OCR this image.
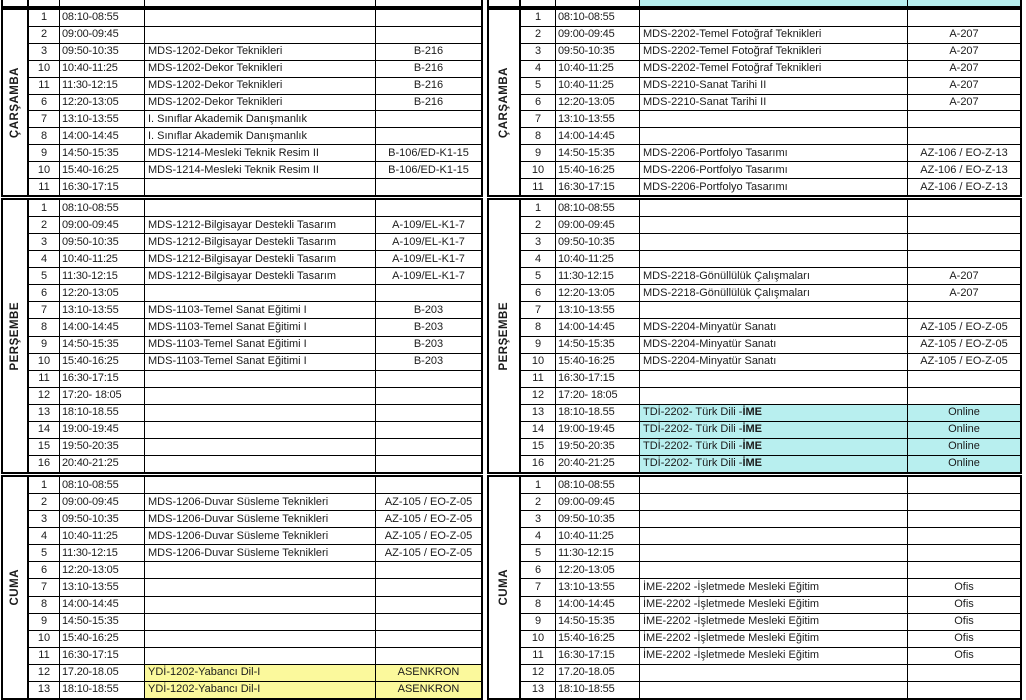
ÇARŞAMBA
1	08:10-08:55
2	09:00-09:45
3	09:50-10:35	MDS-1202-Dekor Teknikleri	B-216
10	10:40-11:25	MDS-1202-Dekor Teknikleri	B-216
11	11:30-12:15	MDS-1202-Dekor Teknikleri	B-216
6	12:20-13:05	MDS-1202-Dekor Teknikleri	B-216
7	13:10-13:55	I. Sınıflar Akademik Danışmanlık
8	14:00-14:45	I. Sınıflar Akademik Danışmanlık
9	14:50-15:35	MDS-1214-Mesleki Teknik Resim II	B-106/ED-K1-15
10	15:40-16:25	MDS-1214-Mesleki Teknik Resim II	B-106/ED-K1-15
11	16:30-17:15
PERŞEMBE
1	08:10-08:55
2	09:00-09:45	MDS-1212-Bilgisayar Destekli Tasarım	A-109/EL-K1-7
3	09:50-10:35	MDS-1212-Bilgisayar Destekli Tasarım	A-109/EL-K1-7
4	10:40-11:25	MDS-1212-Bilgisayar Destekli Tasarım	A-109/EL-K1-7
5	11:30-12:15	MDS-1212-Bilgisayar Destekli Tasarım	A-109/EL-K1-7
6	12:20-13:05
7	13:10-13:55	MDS-1103-Temel Sanat Eğitimi I	B-203
8	14:00-14:45	MDS-1103-Temel Sanat Eğitimi I	B-203
9	14:50-15:35	MDS-1103-Temel Sanat Eğitimi I	B-203
10	15:40-16:25	MDS-1103-Temel Sanat Eğitimi I	B-203
11	16:30-17:15
12	17:20- 18:05
13	18:10-18.55
14	19:00-19:45
15	19:50-20:35
16	20:40-21:25
CUMA
1	08:10-08:55
2	09:00-09:45	MDS-1206-Duvar Süsleme Teknikleri	AZ-105 / EO-Z-05
3	09:50-10:35	MDS-1206-Duvar Süsleme Teknikleri	AZ-105 / EO-Z-05
4	10:40-11:25	MDS-1206-Duvar Süsleme Teknikleri	AZ-105 / EO-Z-05
5	11:30-12:15	MDS-1206-Duvar Süsleme Teknikleri	AZ-105 / EO-Z-05
6	12:20-13:05
7	13:10-13:55
8	14:00-14:45
9	14:50-15:35
10	15:40-16:25
11	16:30-17:15
12	17.20-18.05	YDİ-1202-Yabancı Dil-I	ASENKRON
13	18:10-18:55	YDİ-1202-Yabancı Dil-I	ASENKRON
ÇARŞAMBA
1	08:10-08:55
2	09:00-09:45	MDS-2202-Temel Fotoğraf Teknikleri	A-207
3	09:50-10:35	MDS-2202-Temel Fotoğraf Teknikleri	A-207
4	10:40-11:25	MDS-2202-Temel Fotoğraf Teknikleri	A-207
5	10:40-11:25	MDS-2210-Sanat Tarihi II	A-207
6	12:20-13:05	MDS-2210-Sanat Tarihi II	A-207
7	13:10-13:55
8	14:00-14:45
9	14:50-15:35	MDS-2206-Portfolyo Tasarımı	AZ-106 / EO-Z-13
10	15:40-16:25	MDS-2206-Portfolyo Tasarımı	AZ-106 / EO-Z-13
11	16:30-17:15	MDS-2206-Portfolyo Tasarımı	AZ-106 / EO-Z-13
PERŞEMBE
1	08:10-08:55
2	09:00-09:45
3	09:50-10:35
4	10:40-11:25
5	11:30-12:15	MDS-2218-Gönüllülük Çalışmaları	A-207
6	12:20-13:05	MDS-2218-Gönüllülük Çalışmaları	A-207
7	13:10-13:55
8	14:00-14:45	MDS-2204-Minyatür Sanatı	AZ-105 / EO-Z-05
9	14:50-15:35	MDS-2204-Minyatür Sanatı	AZ-105 / EO-Z-05
10	15:40-16:25	MDS-2204-Minyatür Sanatı	AZ-105 / EO-Z-05
11	16:30-17:15
12	17:20- 18:05
13	18:10-18.55	TDİ-2202- Türk Dili - İME	Online
14	19:00-19:45	TDİ-2202- Türk Dili - İME	Online
15	19:50-20:35	TDİ-2202- Türk Dili - İME	Online
16	20:40-21:25	TDİ-2202- Türk Dili - İME	Online
CUMA
1	08:10-08:55
2	09:00-09:45
3	09:50-10:35
4	10:40-11:25
5	11:30-12:15
6	12:20-13:05
7	13:10-13:55	İME-2202 -İşletmede Mesleki Eğitim	Ofis
8	14:00-14:45	İME-2202 -İşletmede Mesleki Eğitim	Ofis
9	14:50-15:35	İME-2202 -İşletmede Mesleki Eğitim	Ofis
10	15:40-16:25	İME-2202 -İşletmede Mesleki Eğitim	Ofis
11	16:30-17:15	İME-2202 -İşletmede Mesleki Eğitim	Ofis
12	17.20-18.05
13	18:10-18:55
